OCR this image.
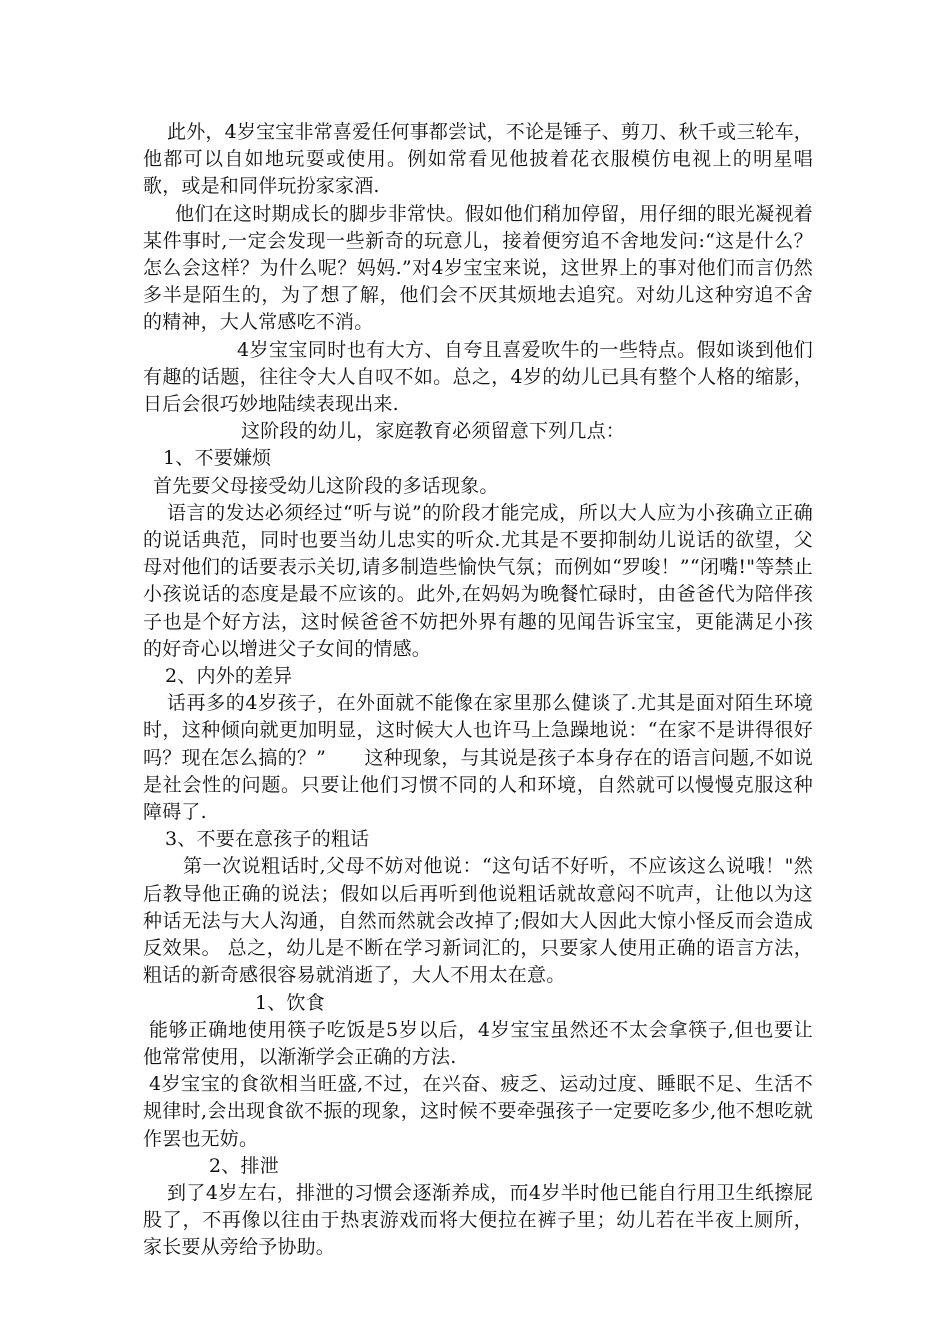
此外，4岁宝宝非常喜爱任何事都尝试，不论是锤子、剪刀、秋千或三轮车，他都可以自如地玩耍或使用。例如常看见他披着花衣服模仿电视上的明星唱歌，或是和同伴玩扮家家酒.

他们在这时期成长的脚步非常快。假如他们稍加停留，用仔细的眼光凝视着某件事时,一定会发现一些新奇的玩意儿，接着便穷追不舍地发问:“这是什么？怎么会这样？为什么呢？妈妈.”对4岁宝宝来说，这世界上的事对他们而言仍然多半是陌生的，为了想了解，他们会不厌其烦地去追究。对幼儿这种穷追不舍的精神，大人常感吃不消。

4岁宝宝同时也有大方、自夸且喜爱吹牛的一些特点。假如谈到他们有趣的话题，往往令大人自叹不如。总之，4岁的幼儿已具有整个人格的缩影，日后会很巧妙地陆续表现出来.

这阶段的幼儿，家庭教育必须留意下列几点：

1、不要嫌烦

首先要父母接受幼儿这阶段的多话现象。

语言的发达必须经过“听与说”的阶段才能完成，所以大人应为小孩确立正确的说话典范，同时也要当幼儿忠实的听众.尤其是不要抑制幼儿说话的欲望，父母对他们的话要表示关切,请多制造些愉快气氛；而例如“罗唆！”“闭嘴!"等禁止小孩说话的态度是最不应该的。此外,在妈妈为晚餐忙碌时，由爸爸代为陪伴孩子也是个好方法，这时候爸爸不妨把外界有趣的见闻告诉宝宝，更能满足小孩的好奇心以增进父子女间的情感。

2、内外的差异

话再多的4岁孩子，在外面就不能像在家里那么健谈了.尤其是面对陌生环境时，这种倾向就更加明显，这时候大人也许马上急躁地说：“在家不是讲得很好吗？现在怎么搞的？”　　这种现象，与其说是孩子本身存在的语言问题,不如说是社会性的问题。只要让他们习惯不同的人和环境，自然就可以慢慢克服这种障碍了.

3、不要在意孩子的粗话

第一次说粗话时,父母不妨对他说：“这句话不好听，不应该这么说哦！"然后教导他正确的说法；假如以后再听到他说粗话就故意闷不吭声，让他以为这种话无法与大人沟通，自然而然就会改掉了;假如大人因此大惊小怪反而会造成反效果。 总之，幼儿是不断在学习新词汇的，只要家人使用正确的语言方法，粗话的新奇感很容易就消逝了，大人不用太在意。

1、饮食

能够正确地使用筷子吃饭是5岁以后，4岁宝宝虽然还不太会拿筷子,但也要让他常常使用，以渐渐学会正确的方法.

4岁宝宝的食欲相当旺盛,不过，在兴奋、疲乏、运动过度、睡眠不足、生活不规律时,会出现食欲不振的现象，这时候不要牵强孩子一定要吃多少,他不想吃就作罢也无妨。

2、排泄

到了4岁左右，排泄的习惯会逐渐养成，而4岁半时他已能自行用卫生纸擦屁股了，不再像以往由于热衷游戏而将大便拉在裤子里；幼儿若在半夜上厕所，家长要从旁给予协助。
